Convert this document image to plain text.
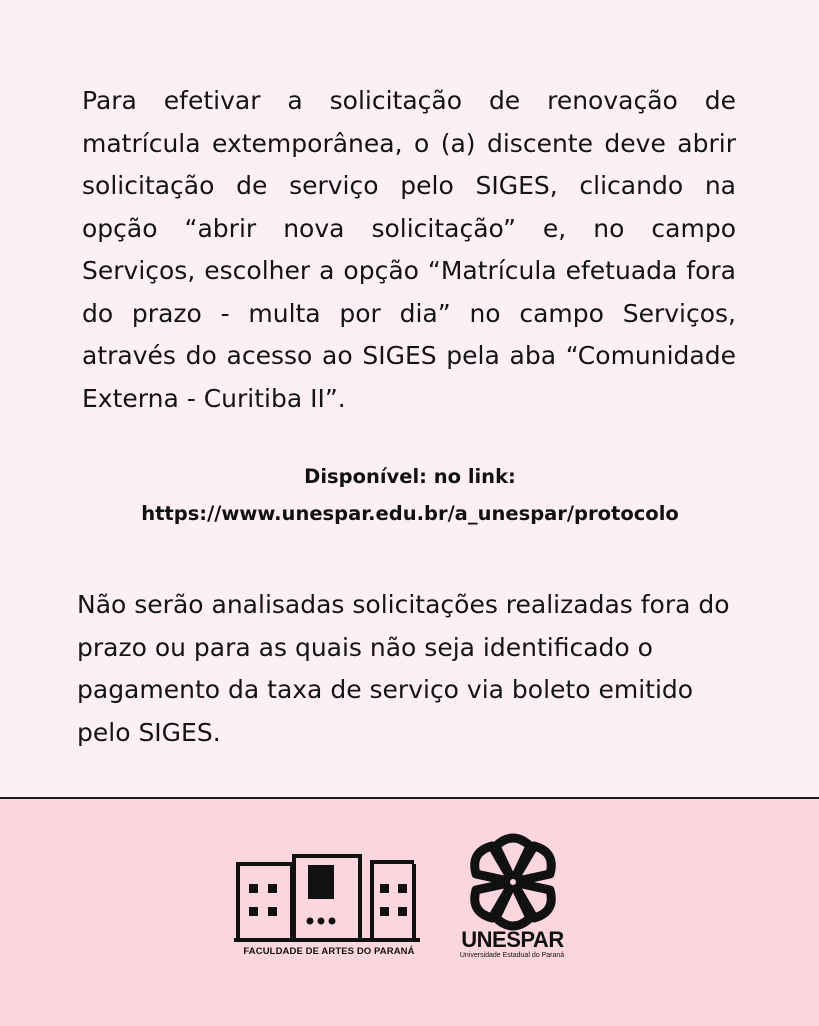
Para efetivar a solicitação de renovação de matrícula extemporânea, o (a) discente deve abrir solicitação de serviço pelo SIGES, clicando na opção “abrir nova solicitação” e, no campo Serviços, escolher a opção “Matrícula efetuada fora do prazo - multa por dia” no campo Serviços, através do acesso ao SIGES pela aba “Comunidade Externa - Curitiba II”.

Disponível: no link:
https://www.unespar.edu.br/a_unespar/protocolo

Não serão analisadas solicitações realizadas fora do prazo ou para as quais não seja identificado o pagamento da taxa de serviço via boleto emitido pelo SIGES.

FACULDADE DE ARTES DO PARANÁ	UNESPAR
Universidade Estadual do Paraná
